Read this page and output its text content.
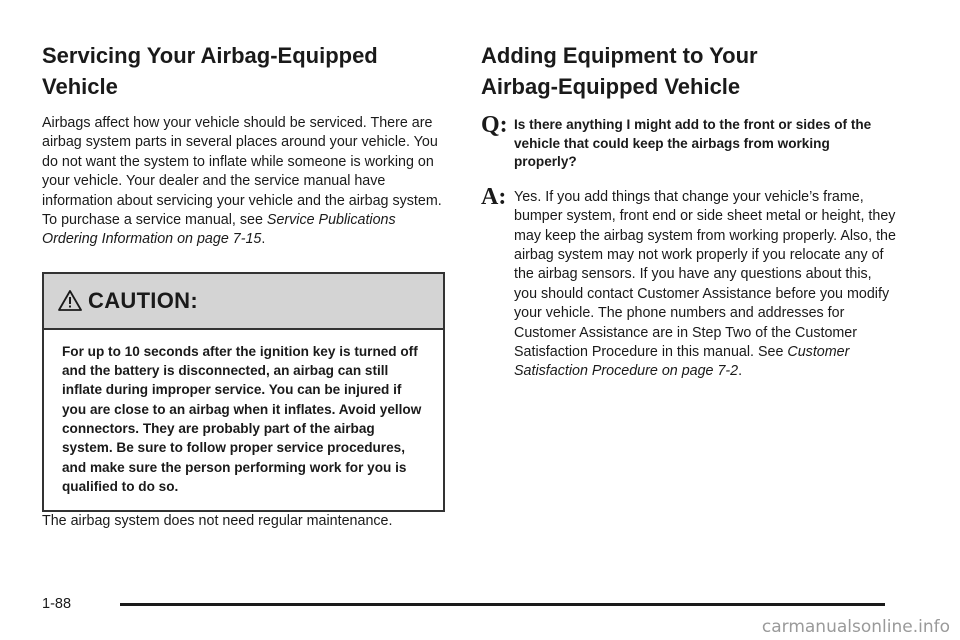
Servicing Your Airbag-Equipped
Vehicle

Airbags affect how your vehicle should be serviced. There are airbag system parts in several places around your vehicle. You do not want the system to inflate while someone is working on your vehicle. Your dealer and the service manual have information about servicing your vehicle and the airbag system. To purchase a service manual, see Service Publications Ordering Information on page 7-15.

CAUTION:
For up to 10 seconds after the ignition key is turned off and the battery is disconnected, an airbag can still inflate during improper service. You can be injured if you are close to an airbag when it inflates. Avoid yellow connectors. They are probably part of the airbag system. Be sure to follow proper service procedures, and make sure the person performing work for you is qualified to do so.

The airbag system does not need regular maintenance.

Adding Equipment to Your
Airbag-Equipped Vehicle
Q: Is there anything I might add to the front or sides of the vehicle that could keep the airbags from working properly?
A: Yes. If you add things that change your vehicle’s frame, bumper system, front end or side sheet metal or height, they may keep the airbag system from working properly. Also, the airbag system may not work properly if you relocate any of the airbag sensors. If you have any questions about this, you should contact Customer Assistance before you modify your vehicle. The phone numbers and addresses for Customer Assistance are in Step Two of the Customer Satisfaction Procedure in this manual. See Customer Satisfaction Procedure on page 7-2.
1-88
carmanualsonline.info
